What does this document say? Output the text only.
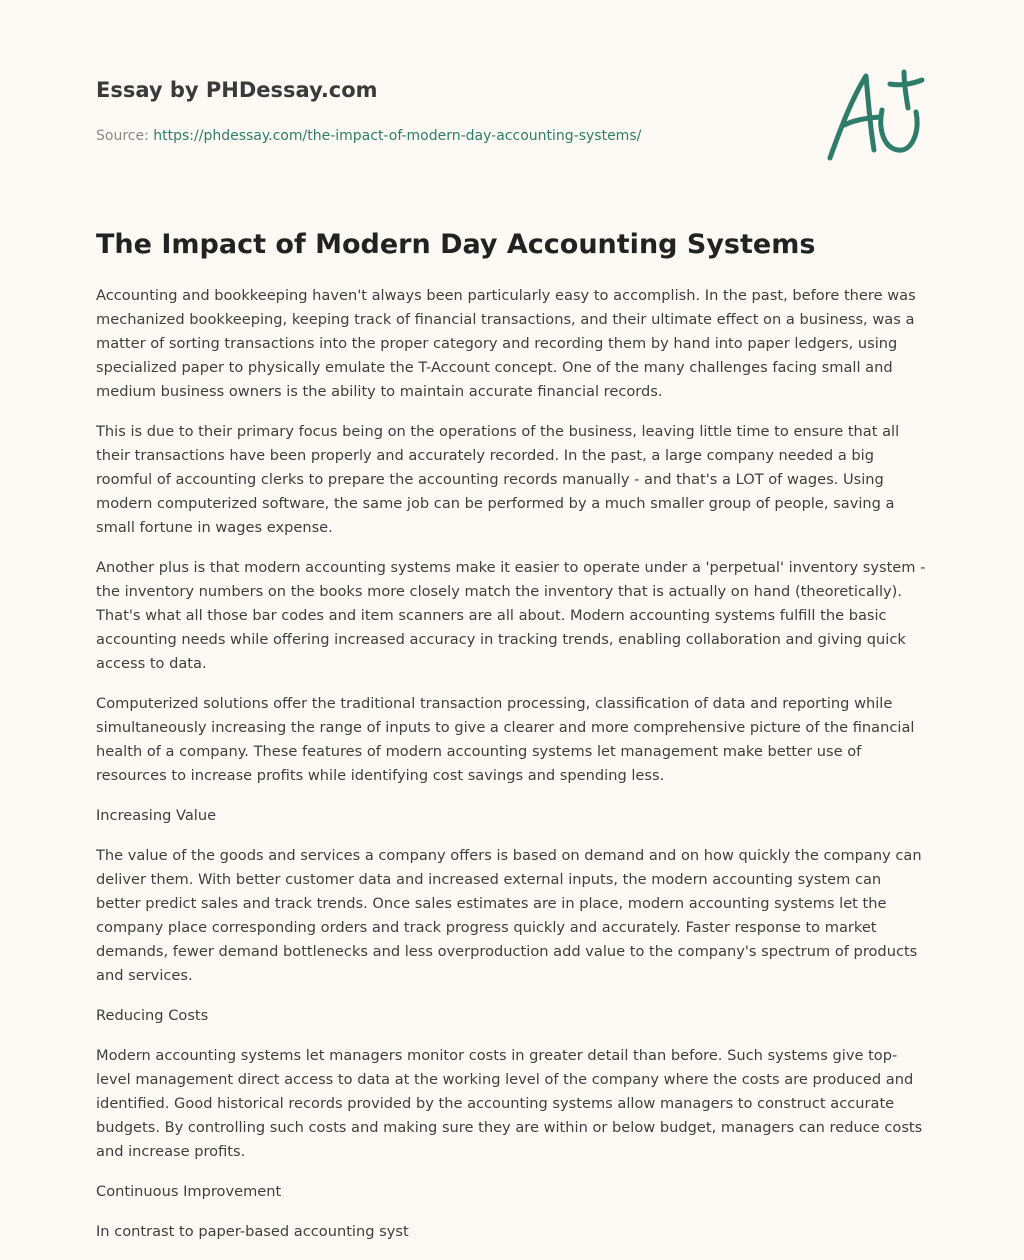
Essay by PHDessay.com
Source: https://phdessay.com/the-impact-of-modern-day-accounting-systems/
The Impact of Modern Day Accounting Systems

Accounting and bookkeeping haven't always been particularly easy to accomplish. In the past, before there was mechanized bookkeeping, keeping track of financial transactions, and their ultimate effect on a business, was a matter of sorting transactions into the proper category and recording them by hand into paper ledgers, using specialized paper to physically emulate the T-Account concept. One of the many challenges facing small and medium business owners is the ability to maintain accurate financial records.

This is due to their primary focus being on the operations of the business, leaving little time to ensure that all their transactions have been properly and accurately recorded. In the past, a large company needed a big roomful of accounting clerks to prepare the accounting records manually - and that's a LOT of wages. Using modern computerized software, the same job can be performed by a much smaller group of people, saving a small fortune in wages expense.

Another plus is that modern accounting systems make it easier to operate under a 'perpetual' inventory system - the inventory numbers on the books more closely match the inventory that is actually on hand (theoretically). That's what all those bar codes and item scanners are all about. Modern accounting systems fulfill the basic accounting needs while offering increased accuracy in tracking trends, enabling collaboration and giving quick access to data.

Computerized solutions offer the traditional transaction processing, classification of data and reporting while simultaneously increasing the range of inputs to give a clearer and more comprehensive picture of the financial health of a company. These features of modern accounting systems let management make better use of resources to increase profits while identifying cost savings and spending less.

Increasing Value

The value of the goods and services a company offers is based on demand and on how quickly the company can deliver them. With better customer data and increased external inputs, the modern accounting system can better predict sales and track trends. Once sales estimates are in place, modern accounting systems let the company place corresponding orders and track progress quickly and accurately. Faster response to market demands, fewer demand bottlenecks and less overproduction add value to the company's spectrum of products and services.

Reducing Costs

Modern accounting systems let managers monitor costs in greater detail than before. Such systems give top-level management direct access to data at the working level of the company where the costs are produced and identified. Good historical records provided by the accounting systems allow managers to construct accurate budgets. By controlling such costs and making sure they are within or below budget, managers can reduce costs and increase profits.

Continuous Improvement

In contrast to paper-based accounting syst
